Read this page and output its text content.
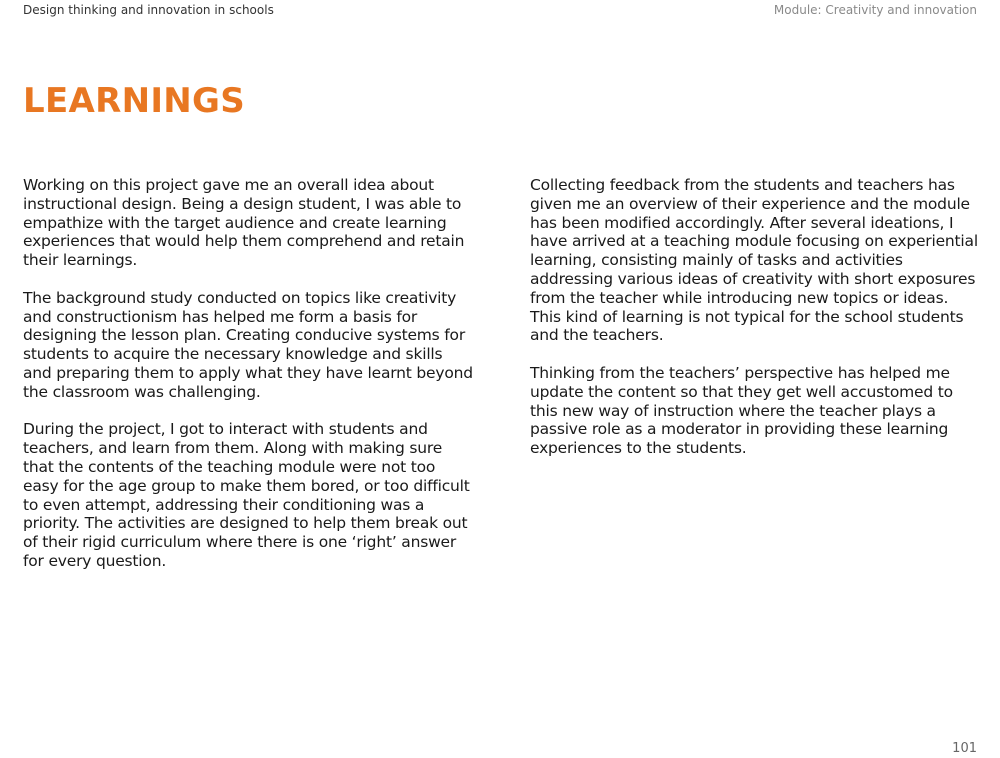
Design thinking and innovation in schools	Module: Creativity and innovation
LEARNINGS

Working on this project gave me an overall idea about instructional design. Being a design student, I was able to empathize with the target audience and create learning experiences that would help them comprehend and retain their learnings.

The background study conducted on topics like creativity and constructionism has helped me form a basis for designing the lesson plan. Creating conducive systems for students to acquire the necessary knowledge and skills and preparing them to apply what they have learnt beyond the classroom was challenging.

During the project, I got to interact with students and teachers, and learn from them. Along with making sure that the contents of the teaching module were not too easy for the age group to make them bored, or too difficult to even attempt, addressing their conditioning was a priority. The activities are designed to help them break out of their rigid curriculum where there is one ‘right’ answer for every question.

Collecting feedback from the students and teachers has given me an overview of their experience and the module has been modified accordingly. After several ideations, I have arrived at a teaching module focusing on experiential learning, consisting mainly of tasks and activities addressing various ideas of creativity with short exposures from the teacher while introducing new topics or ideas. This kind of learning is not typical for the school students and the teachers.

Thinking from the teachers’ perspective has helped me update the content so that they get well accustomed to this new way of instruction where the teacher plays a passive role as a moderator in providing these learning experiences to the students.

101
